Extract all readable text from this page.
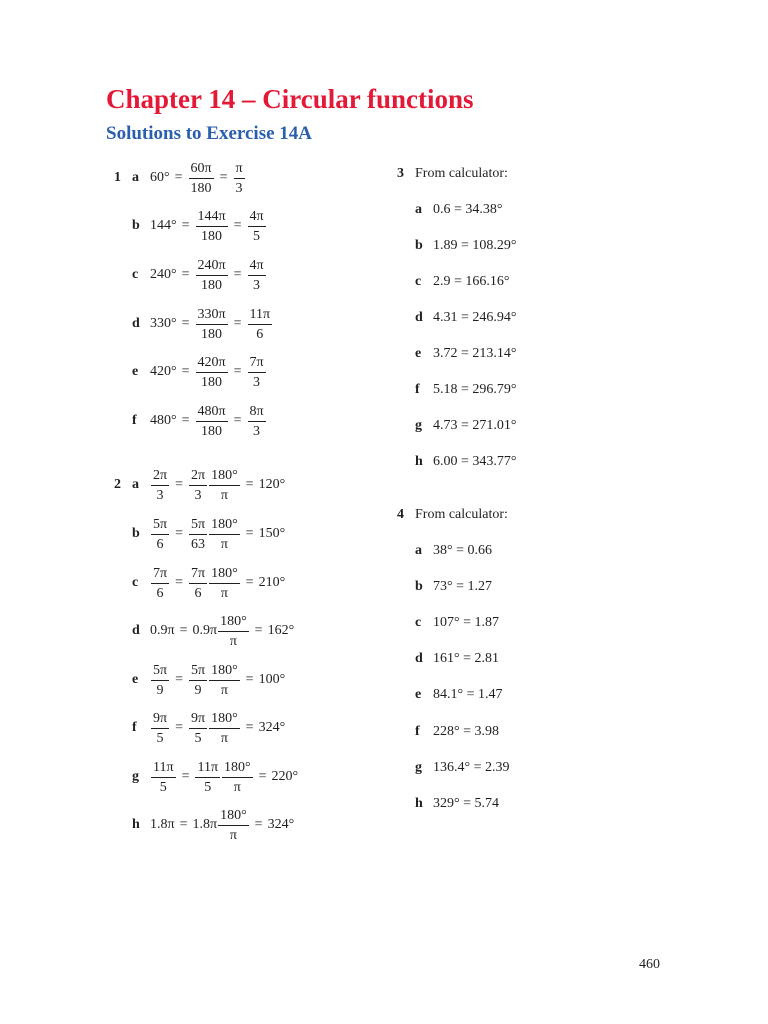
Chapter 14 – Circular functions
Solutions to Exercise 14A
1 a $60^\circ = \frac{60\pi}{180} = \frac{\pi}{3}$
b $144^\circ = \frac{144\pi}{180} = \frac{4\pi}{5}$
c $240^\circ = \frac{240\pi}{180} = \frac{4\pi}{3}$
d $330^\circ = \frac{330\pi}{180} = \frac{11\pi}{6}$
e $420^\circ = \frac{420\pi}{180} = \frac{7\pi}{3}$
f $480^\circ = \frac{480\pi}{180} = \frac{8\pi}{3}$
2 a $\frac{2\pi}{3} = \frac{2\pi}{3} \frac{180^\circ}{\pi} = 120^\circ$
b $\frac{5\pi}{6} = \frac{5\pi}{63} \frac{180^\circ}{\pi} = 150^\circ$
c $\frac{7\pi}{6} = \frac{7\pi}{6} \frac{180^\circ}{\pi} = 210^\circ$
d $0.9\pi = 0.9\pi \frac{180^\circ}{\pi} = 162^\circ$
e $\frac{5\pi}{9} = \frac{5\pi}{9} \frac{180^\circ}{\pi} = 100^\circ$
f	$\frac{9\pi}{5} = \frac{9\pi}{5} \frac{180^\circ}{\pi} = 324^\circ$
g $\frac{11\pi}{5} = \frac{11\pi}{5} \frac{180^\circ}{\pi} = 220^\circ$
h $1.8\pi = 1.8\pi \frac{180^\circ}{\pi} = 324^\circ$
3 From calculator:
a 0.6 = 34.38°
b 1.89 = 108.29°
c 2.9 = 166.16°
d 4.31 = 246.94°
e 3.72 = 213.14°
f 5.18 = 296.79°
g 4.73 = 271.01°
h 6.00 = 343.77°
4 From calculator:
a 38° = 0.66
b 73° = 1.27
c 107° = 1.87
d 161° = 2.81
e 84.1° = 1.47
f 228° = 3.98
g 136.4° = 2.39
h 329° = 5.74
460
